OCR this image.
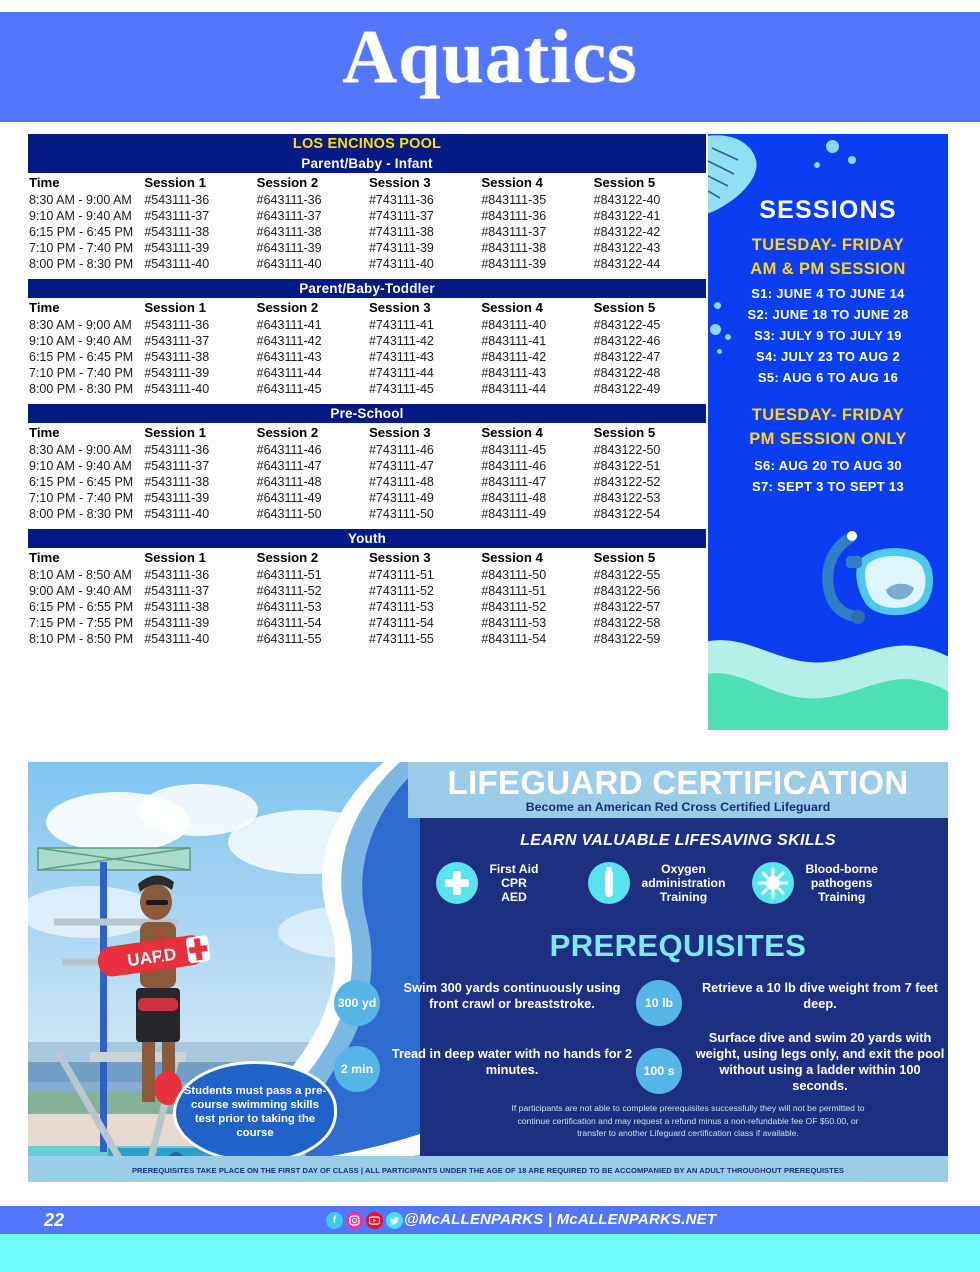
Aquatics
LOS ENCINOS POOL
Parent/Baby - Infant
Time	Session 1	Session 2	Session 3	Session 4	Session 5
8:30 AM - 9:00 AM	#543111-36	#643111-36	#743111-36	#843111-35	#843122-40
9:10 AM - 9:40 AM	#543111-37	#643111-37	#743111-37	#843111-36	#843122-41
6:15 PM - 6:45 PM	#543111-38	#643111-38	#743111-38	#843111-37	#843122-42
7:10 PM - 7:40 PM	#543111-39	#643111-39	#743111-39	#843111-38	#843122-43
8:00 PM - 8:30 PM	#543111-40	#643111-40	#743111-40	#843111-39	#843122-44
Parent/Baby-Toddler
Time	Session 1	Session 2	Session 3	Session 4	Session 5
8:30 AM - 9:00 AM	#543111-36	#643111-41	#743111-41	#843111-40	#843122-45
9:10 AM - 9:40 AM	#543111-37	#643111-42	#743111-42	#843111-41	#843122-46
6:15 PM - 6:45 PM	#543111-38	#643111-43	#743111-43	#843111-42	#843122-47
7:10 PM - 7:40 PM	#543111-39	#643111-44	#743111-44	#843111-43	#843122-48
8:00 PM - 8:30 PM	#543111-40	#643111-45	#743111-45	#843111-44	#843122-49
Pre-School
Time	Session 1	Session 2	Session 3	Session 4	Session 5
8:30 AM - 9:00 AM	#543111-36	#643111-46	#743111-46	#843111-45	#843122-50
9:10 AM - 9:40 AM	#543111-37	#643111-47	#743111-47	#843111-46	#843122-51
6:15 PM - 6:45 PM	#543111-38	#643111-48	#743111-48	#843111-47	#843122-52
7:10 PM - 7:40 PM	#543111-39	#643111-49	#743111-49	#843111-48	#843122-53
8:00 PM - 8:30 PM	#543111-40	#643111-50	#743111-50	#843111-49	#843122-54
Youth
Time	Session 1	Session 2	Session 3	Session 4	Session 5
8:10 AM - 8:50 AM	#543111-36	#643111-51	#743111-51	#843111-50	#843122-55
9:00 AM - 9:40 AM	#543111-37	#643111-52	#743111-52	#843111-51	#843122-56
6:15 PM - 6:55 PM	#543111-38	#643111-53	#743111-53	#843111-52	#843122-57
7:15 PM - 7:55 PM	#543111-39	#643111-54	#743111-54	#843111-53	#843122-58
8:10 PM - 8:50 PM	#543111-40	#643111-55	#743111-55	#843111-54	#843122-59
SESSIONS
TUESDAY- FRIDAY
AM & PM SESSION
S1: JUNE 4 TO JUNE 14
S2: JUNE 18 TO JUNE 28
S3: JULY 9 TO JULY 19
S4: JULY 23 TO AUG 2
S5: AUG 6 TO AUG 16
TUESDAY- FRIDAY
PM SESSION ONLY
S6: AUG 20 TO AUG 30
S7: SEPT 3 TO SEPT 13
UARD
LIFEGUARD CERTIFICATION
Become an American Red Cross Certified Lifeguard
LEARN VALUABLE LIFESAVING SKILLS

First Aid
CPR
AED

Oxygen
administration
Training

Blood-borne
pathogens
Training
PREREQUISITES
300 yd
Swim 300 yards continuously using front crawl or breaststroke.	10 lb
Retrieve a 10 lb dive weight from 7 feet deep.
2 min
Tread in deep water with no hands for 2 minutes.	100 s
Surface dive and swim 20 yards with weight, using legs only, and exit the pool without using a ladder within 100 seconds.
If participants are not able to complete prerequisites successfully they will not be permitted to continue certification and may request a refund minus a non-refundable fee OF $50.00, or transfer to another Lifeguard certification class if available.
Students must pass a pre-course swimming skills test prior to taking the course
PREREQUISITES TAKE PLACE ON THE FIRST DAY OF CLASS | ALL PARTICIPANTS UNDER THE AGE OF 18 ARE REQUIRED TO BE ACCOMPANIED BY AN ADULT THROUGHOUT PREREQUISTES
22	f	@McALLENPARKS | McALLENPARKS.NET
